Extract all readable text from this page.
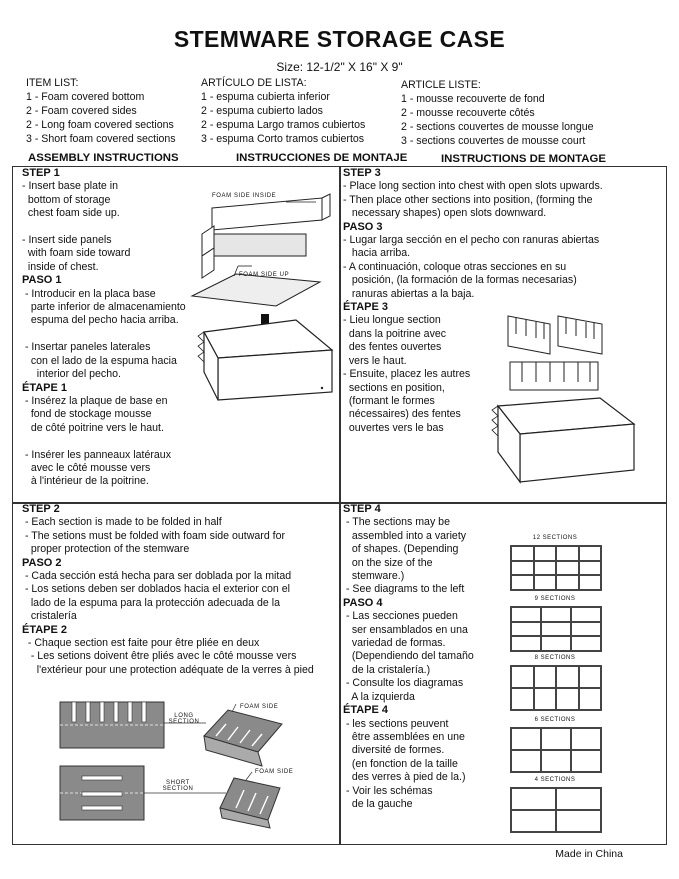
STEMWARE STORAGE CASE
Size: 12-1/2" X 16" X 9"
ITEM LIST:
1 - Foam covered bottom
2 - Foam covered sides
2 - Long foam covered sections
3 - Short foam covered sections
ARTÍCULO DE LISTA:
1 - espuma cubierta inferior
2 - espuma cubierto lados
2 - espuma Largo tramos cubiertos
3 - espuma Corto tramos cubiertos
ARTICLE LISTE:
1 - mousse recouverte de fond
2 - mousse recouverte côtés
2 - sections couvertes de mousse longue
3 - sections couvertes de mousse court
ASSEMBLY INSTRUCTIONS	INSTRUCCIONES DE MONTAJE	INSTRUCTIONS DE MONTAGE
STEP 1
- Insert base plate in
bottom of storage
chest foam side up.

- Insert side panels
with foam side toward
inside of chest.
PASO 1
- Introducir en la placa base
parte inferior de almacenamiento
espuma del pecho hacia arriba.

- Insertar paneles laterales
con el lado de la espuma hacia
interior del pecho.
ÉTAPE 1
- Insérez la plaque de base en
fond de stockage mousse
de côté poitrine vers le haut.

- Insérer les panneaux latéraux
avec le côté mousse vers
à l'intérieur de la poitrine.
FOAM SIDE INSIDE
FOAM SIDE UP
STEP 3
- Place long section into chest with open slots upwards.
- Then place other sections into position, (forming the
necessary shapes) open slots downward.
PASO 3
- Lugar larga sección en el pecho con ranuras abiertas
hacia arriba.
- A continuación, coloque otras secciones en su
posición, (la formación de la formas necesarias)
ranuras abiertas a la baja.
ÉTAPE 3
- Lieu longue section
dans la poitrine avec
des fentes ouvertes
vers le haut.
- Ensuite, placez les autres
sections en position,
(formant le formes
nécessaires) des fentes
ouvertes vers le bas
STEP 2
- Each section is made to be folded in half
- The setions must be folded with foam side outward for
proper protection of the stemware
PASO 2
- Cada sección está hecha para ser doblada por la mitad
- Los setions deben ser doblados hacia el exterior con el
lado de la espuma para la protección adecuada de la
cristalería
ÉTAPE 2
- Chaque section est faite pour être pliée en deux
- Les setions doivent être pliés avec le côté mousse vers
l'extérieur pour une protection adéquate de la verres à pied
LONG SECTION
FOAM SIDE
SHORT SECTION
FOAM SIDE
STEP 4
- The sections may be
assembled into a variety
of shapes. (Depending
on the size of the
stemware.)
- See diagrams to the left
PASO 4
- Las secciones pueden
ser ensamblados en una
variedad de formas.
(Dependiendo del tamaño
de la cristalería.)
- Consulte los diagramas
A la izquierda
ÉTAPE 4
- les sections peuvent
être assemblées en une
diversité de formes.
(en fonction de la taille
des verres à pied de la.)
- Voir les schémas
de la gauche
12 SECTIONS
9 SECTIONS
8 SECTIONS
6 SECTIONS
4 SECTIONS
Made in China
